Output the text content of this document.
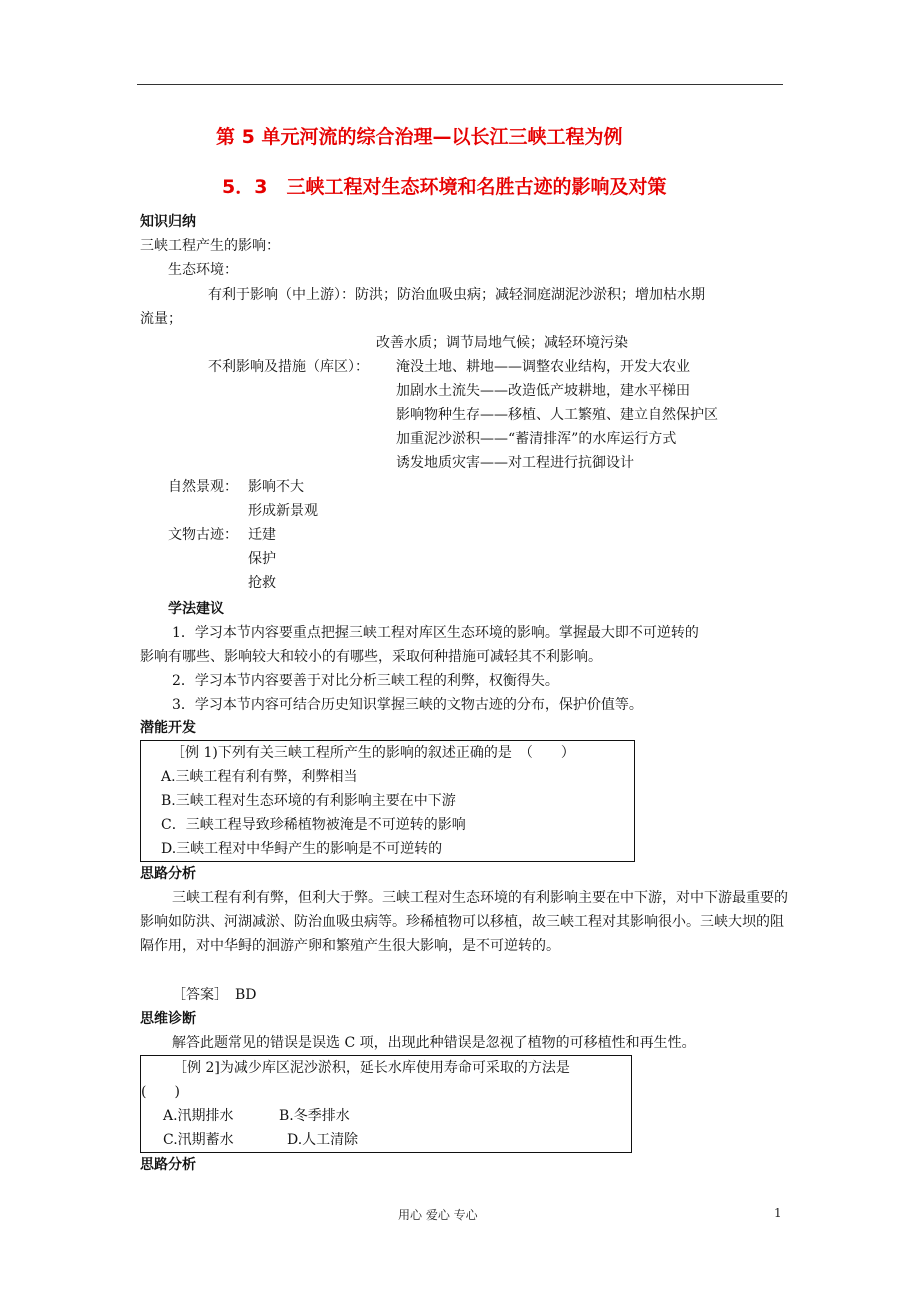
第 5 单元河流的综合治理—以长江三峡工程为例
5．3　三峡工程对生态环境和名胜古迹的影响及对策
知识归纳
三峡工程产生的影响：
生态环境：
有利于影响（中上游）：防洪；防治血吸虫病；减轻洞庭湖泥沙淤积；增加枯水期
流量；
改善水质；调节局地气候；减轻环境污染
不利影响及措施（库区）： 淹没土地、耕地——调整农业结构，开发大农业
加剧水土流失——改造低产坡耕地，建水平梯田
影响物种生存——移植、人工繁殖、建立自然保护区
加重泥沙淤积——“蓄清排浑”的水库运行方式
诱发地质灾害——对工程进行抗御设计
自然景观： 影响不大
形成新景观
文物古迹： 迁建
保护
抢救
学法建议
1．学习本节内容要重点把握三峡工程对库区生态环境的影响。掌握最大即不可逆转的
影响有哪些、影响较大和较小的有哪些，采取何种措施可减轻其不利影响。
2．学习本节内容要善于对比分析三峡工程的利弊，权衡得失。
3．学习本节内容可结合历史知识掌握三峡的文物古迹的分布，保护价值等。
潜能开发
［例 1)下列有关三峡工程所产生的影响的叙述正确的是　（　　）
A.三峡工程有利有弊，利弊相当
B.三峡工程对生态环境的有利影响主要在中下游
C．三峡工程导致珍稀植物被淹是不可逆转的影响
D.三峡工程对中华鲟产生的影响是不可逆转的
思路分析
三峡工程有利有弊，但利大于弊。三峡工程对生态环境的有利影响主要在中下游，对中下游最重要的影响如防洪、河湖减淤、防治血吸虫病等。珍稀植物可以移植，故三峡工程对其影响很小。三峡大坝的阻隔作用，对中华鲟的洄游产卵和繁殖产生很大影响，是不可逆转的。
［答案］　BD
思维诊断
解答此题常见的错误是误选 C 项，出现此种错误是忽视了植物的可移植性和再生性。
［例 2]为减少库区泥沙淤积，延长水库使用寿命可采取的方法是
(　　)
A.汛期排水	B.冬季排水
C.汛期蓄水	D.人工清除
思路分析
用心 爱心 专心	1
